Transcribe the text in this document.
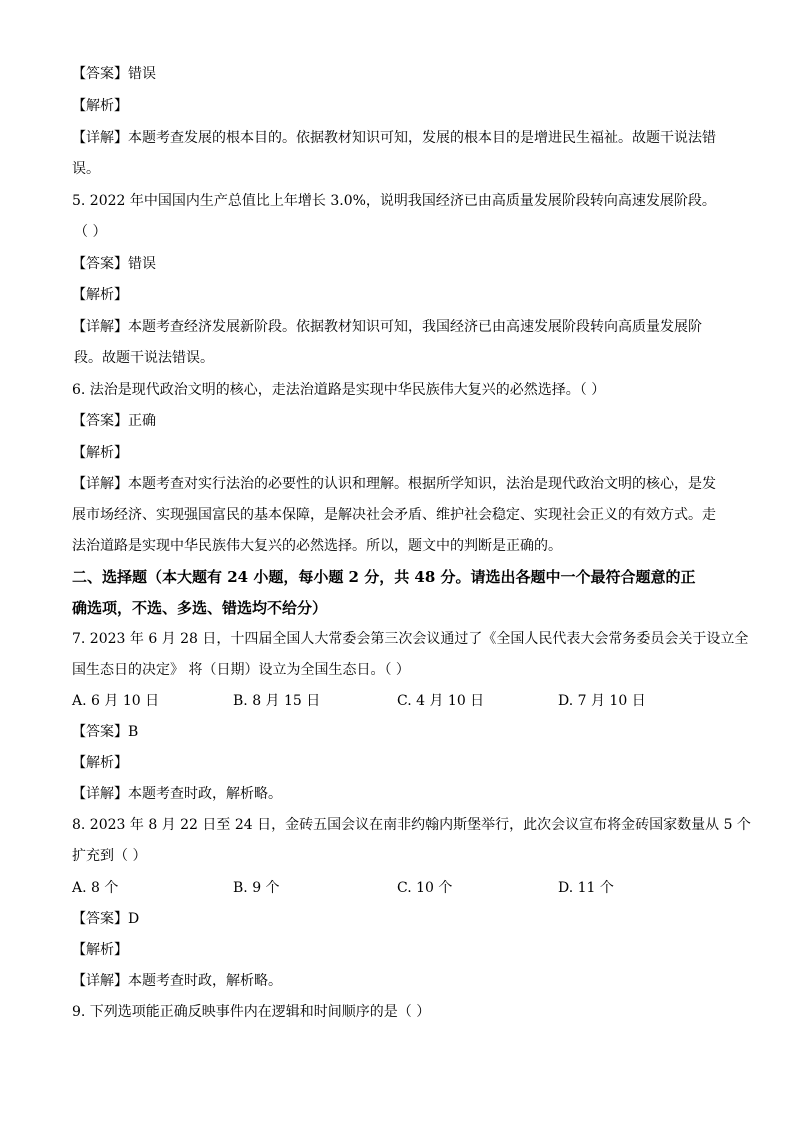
【答案】错误
【解析】
【详解】本题考查发展的根本目的。依据教材知识可知，发展的根本目的是增进民生福祉。故题干说法错
误。
5. 2022 年中国国内生产总值比上年增长 3.0%，说明我国经济已由高质量发展阶段转向高速发展阶段。
（ ）
【答案】错误
【解析】
【详解】本题考查经济发展新阶段。依据教材知识可知，我国经济已由高速发展阶段转向高质量发展阶
段。故题干说法错误。
6. 法治是现代政治文明的核心，走法治道路是实现中华民族伟大复兴的必然选择。（ ）
【答案】正确
【解析】
【详解】本题考查对实行法治的必要性的认识和理解。根据所学知识，法治是现代政治文明的核心，是发
展市场经济、实现强国富民的基本保障，是解决社会矛盾、维护社会稳定、实现社会正义的有效方式。走
法治道路是实现中华民族伟大复兴的必然选择。所以，题文中的判断是正确的。
二、选择题（本大题有 24 小题，每小题 2 分，共 48 分。请选出各题中一个最符合题意的正
确选项，不选、多选、错选均不给分）
7. 2023 年 6 月 28 日，十四届全国人大常委会第三次会议通过了《全国人民代表大会常务委员会关于设立全
国生态日的决定》 将（日期）设立为全国生态日。（ ）
A. 6 月 10 日	B. 8 月 15 日	C. 4 月 10 日	D. 7 月 10 日
【答案】B
【解析】
【详解】本题考查时政，解析略。
8. 2023 年 8 月 22 日至 24 日，金砖五国会议在南非约翰内斯堡举行，此次会议宣布将金砖国家数量从 5 个
扩充到（ ）
A. 8 个	B. 9 个	C. 10 个	D. 11 个
【答案】D
【解析】
【详解】本题考查时政，解析略。
9. 下列选项能正确反映事件内在逻辑和时间顺序的是（ ）
